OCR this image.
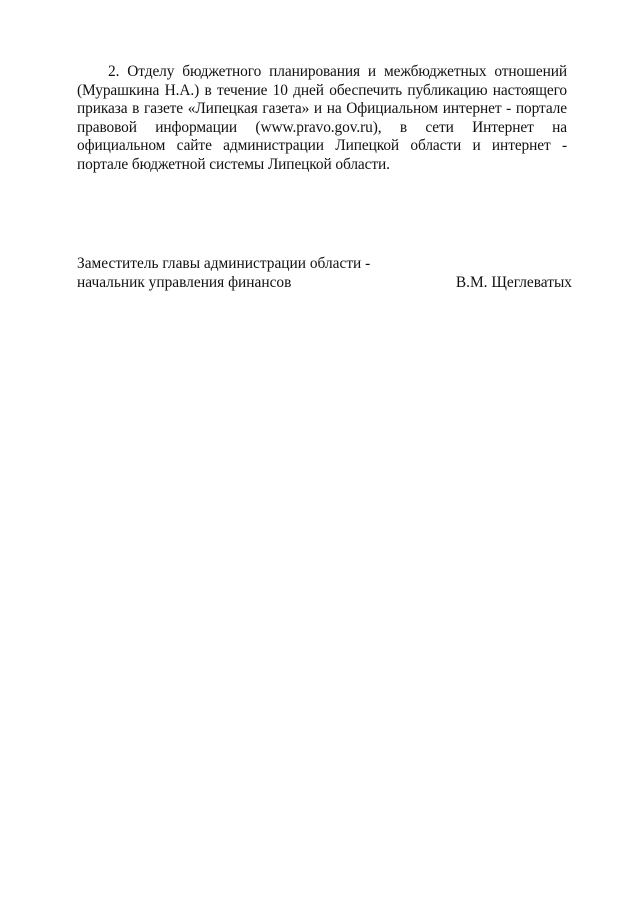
2. Отделу бюджетного планирования и межбюджетных отношений (Мурашкина Н.А.) в течение 10 дней обеспечить публикацию настоящего приказа в газете «Липецкая газета» и на Официальном интернет - портале правовой информации (www.pravo.gov.ru), в сети Интернет на официальном сайте администрации Липецкой области и интернет - портале бюджетной системы Липецкой области.

Заместитель главы администрации области -
начальник управления финансов	В.М. Щеглеватых
